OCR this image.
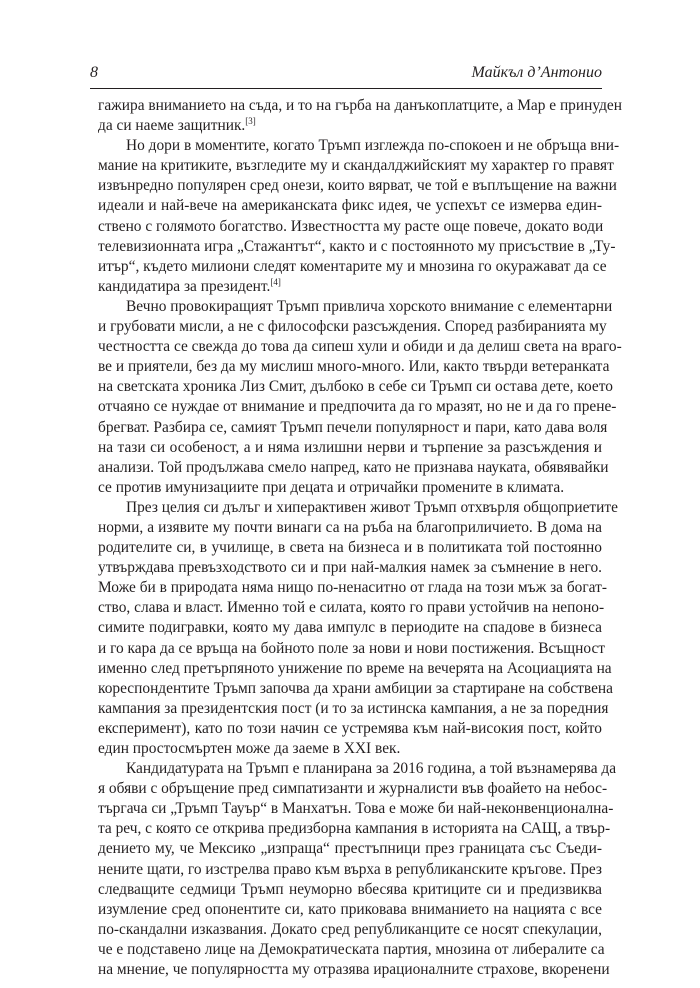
8	Майкъл д’Антонио
гажира вниманието на съда, и то на гърба на данъкоплатците, а Мар е принуден
да си наеме защитник.[3]
Но дори в моментите, когато Тръмп изглежда по-спокоен и не обръща вни-
мание на критиките, възгледите му и скандалджийският му характер го правят
извънредно популярен сред онези, които вярват, че той е въплъщение на важни
идеали и най-вече на американската фикс идея, че успехът се измерва един-
ствено с голямото богатство. Известността му расте още повече, докато води
телевизионната игра „Стажантът“, както и с постоянното му присъствие в „Ту-
итър“, където милиони следят коментарите му и мнозина го окуражават да се
кандидатира за президент.[4]
Вечно провокиращият Тръмп привлича хорското внимание с елементарни
и грубовати мисли, а не с философски разсъждения. Според разбиранията му
честността се свежда до това да сипеш хули и обиди и да делиш света на враго-
ве и приятели, без да му мислиш много-много. Или, както твърди ветеранката
на светската хроника Лиз Смит, дълбоко в себе си Тръмп си остава дете, което
отчаяно се нуждае от внимание и предпочита да го мразят, но не и да го прене-
брегват. Разбира се, самият Тръмп печели популярност и пари, като дава воля
на тази си особеност, а и няма излишни нерви и търпение за разсъждения и
анализи. Той продължава смело напред, като не признава науката, обявявайки
се против имунизациите при децата и отричайки промените в климата.
През целия си дълъг и хиперактивен живот Тръмп отхвърля общоприетите
норми, а изявите му почти винаги са на ръба на благоприличието. В дома на
родителите си, в училище, в света на бизнеса и в политиката той постоянно
утвърждава превъзходството си и при най-малкия намек за съмнение в него.
Може би в природата няма нищо по-ненаситно от глада на този мъж за богат-
ство, слава и власт. Именно той е силата, която го прави устойчив на непоно-
симите подигравки, която му дава импулс в периодите на спадове в бизнеса
и го кара да се връща на бойното поле за нови и нови постижения. Всъщност
именно след претърпяното унижение по време на вечерята на Асоциацията на
кореспондентите Тръмп започва да храни амбиции за стартиране на собствена
кампания за президентския пост (и то за истинска кампания, а не за поредния
експеримент), като по този начин се устремява към най-високия пост, който
един простосмъртен може да заеме в XXI век.
Кандидатурата на Тръмп е планирана за 2016 година, а той възнамерява да
я обяви с обръщение пред симпатизанти и журналисти във фоайето на небос-
търгача си „Тръмп Тауър“ в Манхатън. Това е може би най-неконвенционална-
та реч, с която се открива предизборна кампания в историята на САЩ, а твър-
дението му, че Мексико „изпраща“ престъпници през границата със Съеди-
нените щати, го изстрелва право към върха в републиканските кръгове. През
следващите седмици Тръмп неуморно вбесява критиците си и предизвиква
изумление сред опонентите си, като приковава вниманието на нацията с все
по-скандални изказвания. Докато сред републиканците се носят спекулации,
че е подставено лице на Демократическата партия, мнозина от либералите са
на мнение, че популярността му отразява ирационалните страхове, вкоренени
